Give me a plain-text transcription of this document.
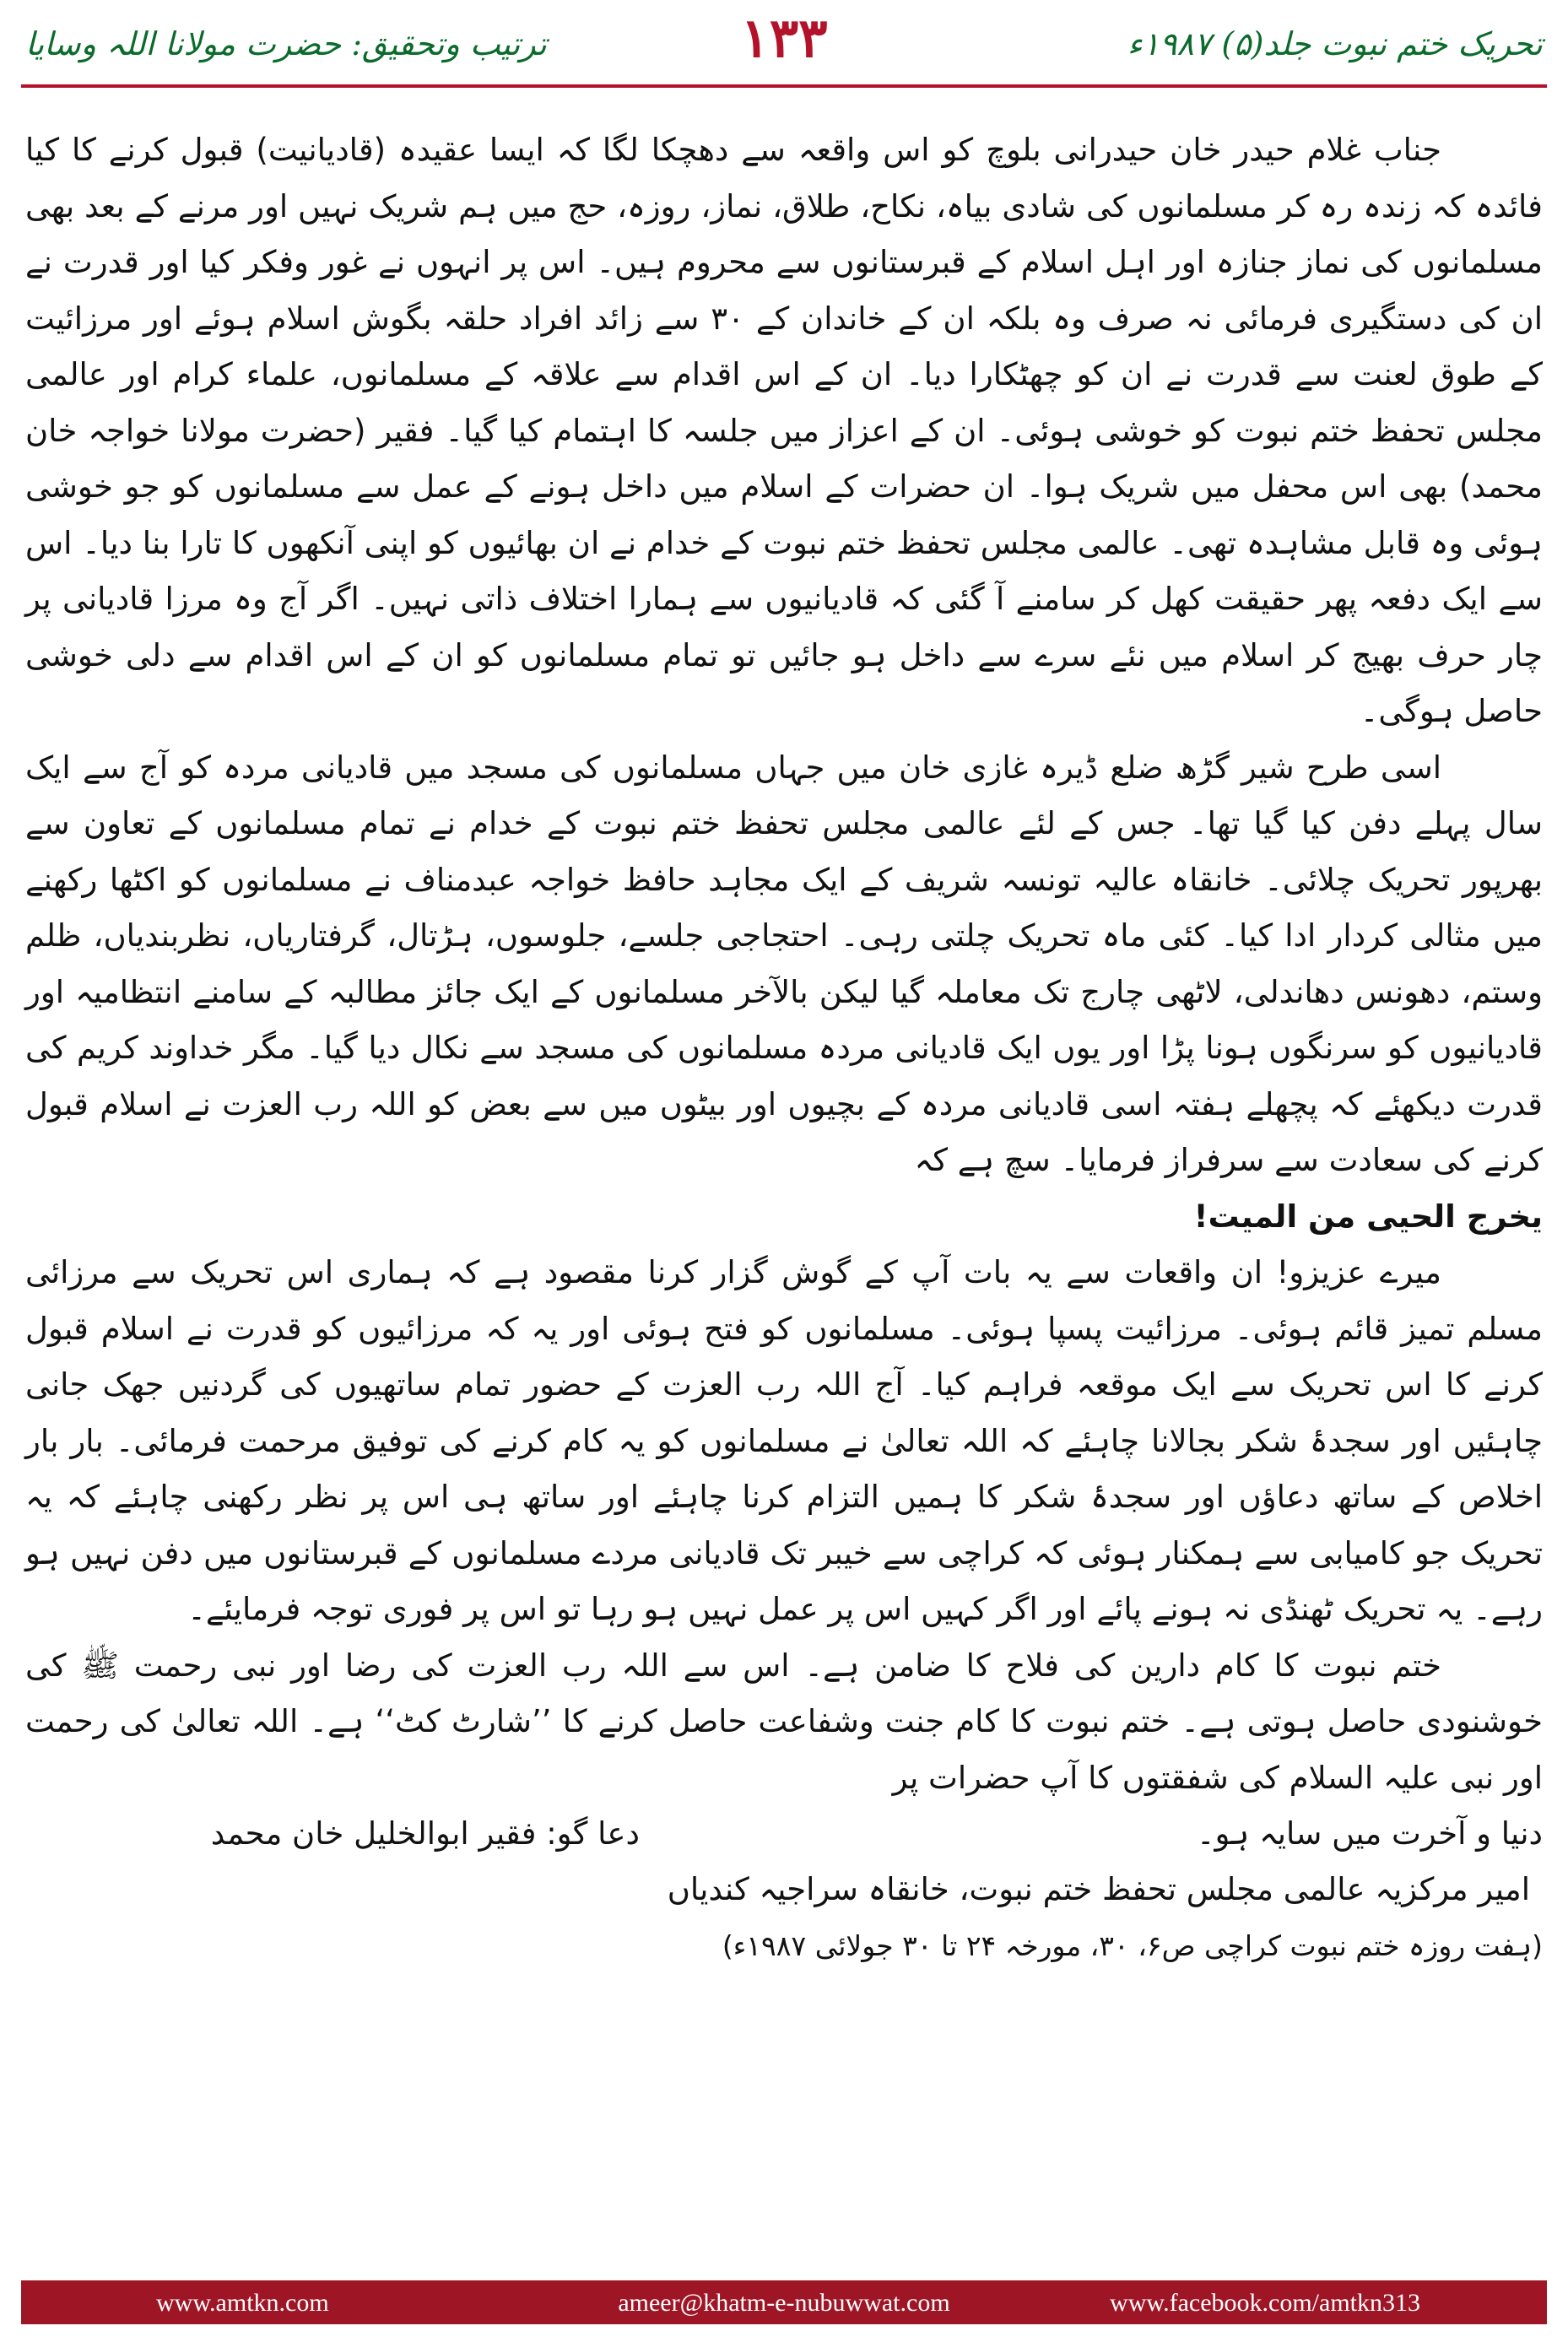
ترتیب وتحقیق: حضرت مولانا اللہ وسایا	۱۳۳	تحریک ختم نبوت جلد(۵) ۱۹۸۷ء

جناب غلام حیدر خان حیدرانی بلوچ کو اس واقعہ سے دھچکا لگا کہ ایسا عقیدہ (قادیانیت) قبول کرنے کا کیا فائدہ کہ زندہ رہ کر مسلمانوں کی شادی بیاہ، نکاح، طلاق، نماز، روزہ، حج میں ہم شریک نہیں اور مرنے کے بعد بھی مسلمانوں کی نماز جنازہ اور اہل اسلام کے قبرستانوں سے محروم ہیں۔ اس پر انہوں نے غور وفکر کیا اور قدرت نے ان کی دستگیری فرمائی نہ صرف وہ بلکہ ان کے خاندان کے ۳۰ سے زائد افراد حلقہ بگوش اسلام ہوئے اور مرزائیت کے طوق لعنت سے قدرت نے ان کو چھٹکارا دیا۔ ان کے اس اقدام سے علاقہ کے مسلمانوں، علماء کرام اور عالمی مجلس تحفظ ختم نبوت کو خوشی ہوئی۔ ان کے اعزاز میں جلسہ کا اہتمام کیا گیا۔ فقیر (حضرت مولانا خواجہ خان محمد) بھی اس محفل میں شریک ہوا۔ ان حضرات کے اسلام میں داخل ہونے کے عمل سے مسلمانوں کو جو خوشی ہوئی وہ قابل مشاہدہ تھی۔ عالمی مجلس تحفظ ختم نبوت کے خدام نے ان بھائیوں کو اپنی آنکھوں کا تارا بنا دیا۔ اس سے ایک دفعہ پھر حقیقت کھل کر سامنے آ گئی کہ قادیانیوں سے ہمارا اختلاف ذاتی نہیں۔ اگر آج وہ مرزا قادیانی پر چار حرف بھیج کر اسلام میں نئے سرے سے داخل ہو جائیں تو تمام مسلمانوں کو ان کے اس اقدام سے دلی خوشی حاصل ہوگی۔

اسی طرح شیر گڑھ ضلع ڈیرہ غازی خان میں جہاں مسلمانوں کی مسجد میں قادیانی مردہ کو آج سے ایک سال پہلے دفن کیا گیا تھا۔ جس کے لئے عالمی مجلس تحفظ ختم نبوت کے خدام نے تمام مسلمانوں کے تعاون سے بھرپور تحریک چلائی۔ خانقاہ عالیہ تونسہ شریف کے ایک مجاہد حافظ خواجہ عبدمناف نے مسلمانوں کو اکٹھا رکھنے میں مثالی کردار ادا کیا۔ کئی ماہ تحریک چلتی رہی۔ احتجاجی جلسے، جلوسوں، ہڑتال، گرفتاریاں، نظربندیاں، ظلم وستم، دھونس دھاندلی، لاٹھی چارج تک معاملہ گیا لیکن بالآخر مسلمانوں کے ایک جائز مطالبہ کے سامنے انتظامیہ اور قادیانیوں کو سرنگوں ہونا پڑا اور یوں ایک قادیانی مردہ مسلمانوں کی مسجد سے نکال دیا گیا۔ مگر خداوند کریم کی قدرت دیکھئے کہ پچھلے ہفتہ اسی قادیانی مردہ کے بچیوں اور بیٹوں میں سے بعض کو اللہ رب العزت نے اسلام قبول کرنے کی سعادت سے سرفراز فرمایا۔ سچ ہے کہ

یخرج الحیی من المیت!

میرے عزیزو! ان واقعات سے یہ بات آپ کے گوش گزار کرنا مقصود ہے کہ ہماری اس تحریک سے مرزائی مسلم تمیز قائم ہوئی۔ مرزائیت پسپا ہوئی۔ مسلمانوں کو فتح ہوئی اور یہ کہ مرزائیوں کو قدرت نے اسلام قبول کرنے کا اس تحریک سے ایک موقعہ فراہم کیا۔ آج اللہ رب العزت کے حضور تمام ساتھیوں کی گردنیں جھک جانی چاہئیں اور سجدۂ شکر بجالانا چاہئے کہ اللہ تعالیٰ نے مسلمانوں کو یہ کام کرنے کی توفیق مرحمت فرمائی۔ بار بار اخلاص کے ساتھ دعاؤں اور سجدۂ شکر کا ہمیں التزام کرنا چاہئے اور ساتھ ہی اس پر نظر رکھنی چاہئے کہ یہ تحریک جو کامیابی سے ہمکنار ہوئی کہ کراچی سے خیبر تک قادیانی مردے مسلمانوں کے قبرستانوں میں دفن نہیں ہو رہے۔ یہ تحریک ٹھنڈی نہ ہونے پائے اور اگر کہیں اس پر عمل نہیں ہو رہا تو اس پر فوری توجہ فرمایئے۔

ختم نبوت کا کام دارین کی فلاح کا ضامن ہے۔ اس سے اللہ رب العزت کی رضا اور نبی رحمت ﷺ کی خوشنودی حاصل ہوتی ہے۔ ختم نبوت کا کام جنت وشفاعت حاصل کرنے کا ’’شارٹ کٹ‘‘ ہے۔ اللہ تعالیٰ کی رحمت اور نبی علیہ السلام کی شفقتوں کا آپ حضرات پر

دنیا و آخرت میں سایہ ہو۔
دعا گو: فقیر ابوالخلیل خان محمد

امیر مرکزیہ عالمی مجلس تحفظ ختم نبوت، خانقاہ سراجیہ کندیاں

(ہفت روزہ ختم نبوت کراچی ص۶، ۳۰، مورخہ ۲۴ تا ۳۰ جولائی ۱۹۸۷ء)

www.amtkn.com	ameer@khatm-e-nubuwwat.com	www.facebook.com/amtkn313
